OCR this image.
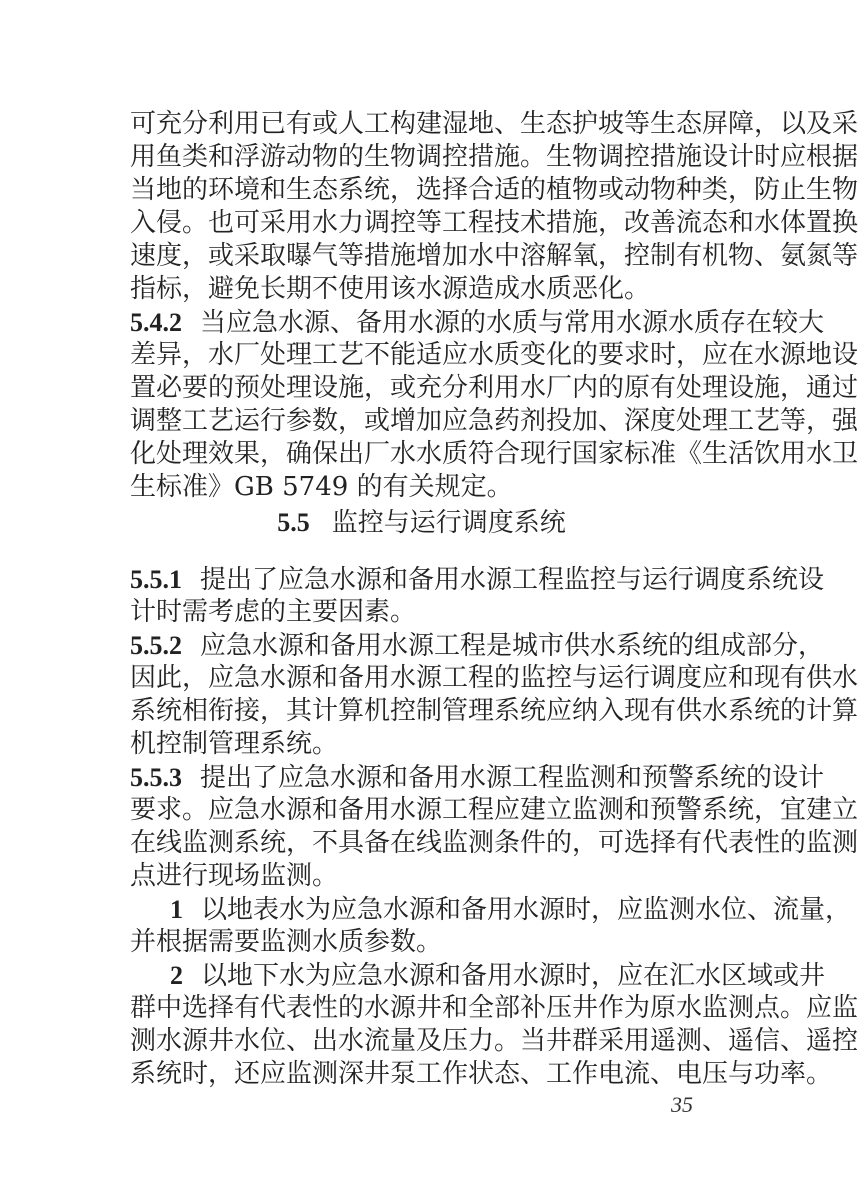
可充分利用已有或人工构建湿地、生态护坡等生态屏障，以及采
用鱼类和浮游动物的生物调控措施。生物调控措施设计时应根据
当地的环境和生态系统，选择合适的植物或动物种类，防止生物
入侵。也可采用水力调控等工程技术措施，改善流态和水体置换
速度，或采取曝气等措施增加水中溶解氧，控制有机物、氨氮等
指标，避免长期不使用该水源造成水质恶化。
5.4.2 当应急水源、备用水源的水质与常用水源水质存在较大
差异，水厂处理工艺不能适应水质变化的要求时，应在水源地设
置必要的预处理设施，或充分利用水厂内的原有处理设施，通过
调整工艺运行参数，或增加应急药剂投加、深度处理工艺等，强
化处理效果，确保出厂水水质符合现行国家标准《生活饮用水卫
生标准》GB 5749 的有关规定。
5.5 监控与运行调度系统
5.5.1 提出了应急水源和备用水源工程监控与运行调度系统设
计时需考虑的主要因素。
5.5.2 应急水源和备用水源工程是城市供水系统的组成部分，
因此，应急水源和备用水源工程的监控与运行调度应和现有供水
系统相衔接，其计算机控制管理系统应纳入现有供水系统的计算
机控制管理系统。
5.5.3 提出了应急水源和备用水源工程监测和预警系统的设计
要求。应急水源和备用水源工程应建立监测和预警系统，宜建立
在线监测系统，不具备在线监测条件的，可选择有代表性的监测
点进行现场监测。
1 以地表水为应急水源和备用水源时，应监测水位、流量，
并根据需要监测水质参数。
2 以地下水为应急水源和备用水源时，应在汇水区域或井
群中选择有代表性的水源井和全部补压井作为原水监测点。应监
测水源井水位、出水流量及压力。当井群采用遥测、遥信、遥控
系统时，还应监测深井泵工作状态、工作电流、电压与功率。
35
